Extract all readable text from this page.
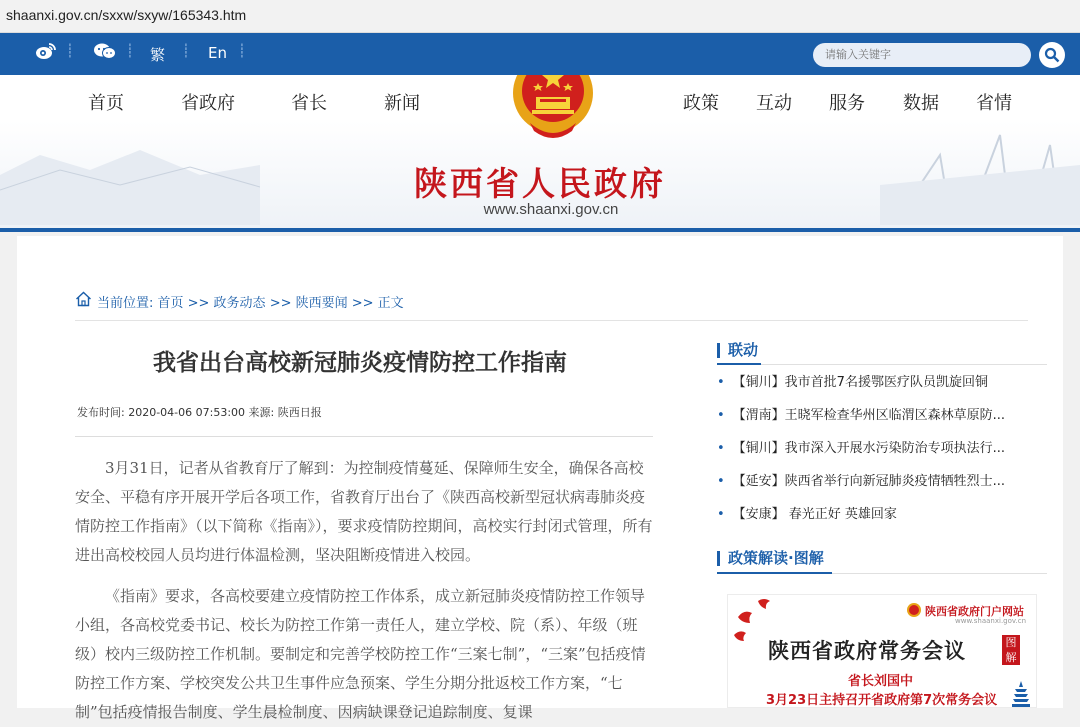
shaanxi.gov.cn/sxxw/sxyw/165343.htm
┊	┊ 繁 ┊ En ┊
请输入关键字
首页	省政府	省长	新闻	政策 互动 服务 数据 省情
陕西省人民政府
www.shaanxi.gov.cn
当前位置: 首页 >> 政务动态 >> 陕西要闻 >> 正文
我省出台高校新冠肺炎疫情防控工作指南
发布时间: 2020-04-06 07:53:00 来源: 陕西日报

3月31日，记者从省教育厅了解到：为控制疫情蔓延、保障师生安全，确保各高校安全、平稳有序开展开学后各项工作，省教育厅出台了《陕西高校新型冠状病毒肺炎疫情防控工作指南》（以下简称《指南》），要求疫情防控期间，高校实行封闭式管理，所有进出高校校园人员均进行体温检测，坚决阻断疫情进入校园。

《指南》要求，各高校要建立疫情防控工作体系，成立新冠肺炎疫情防控工作领导小组，各高校党委书记、校长为防控工作第一责任人，建立学校、院（系）、年级（班级）校内三级防控工作机制。要制定和完善学校防控工作“三案七制”，“三案”包括疫情防控工作方案、学校突发公共卫生事件应急预案、学生分期分批返校工作方案，“七制”包括疫情报告制度、学生晨检制度、因病缺课登记追踪制度、复课

联动
• 【铜川】我市首批7名援鄂医疗队员凯旋回铜
• 【渭南】王晓军检查华州区临渭区森林草原防...
• 【铜川】我市深入开展水污染防治专项执法行...
• 【延安】陕西省举行向新冠肺炎疫情牺牲烈士...
• 【安康】 春光正好 英雄回家
政策解读·图解
陕西省政府门户网站
www.shaanxi.gov.cn
陕西省政府常务会议	图解
省长刘国中
3月23日主持召开省政府第7次常务会议
